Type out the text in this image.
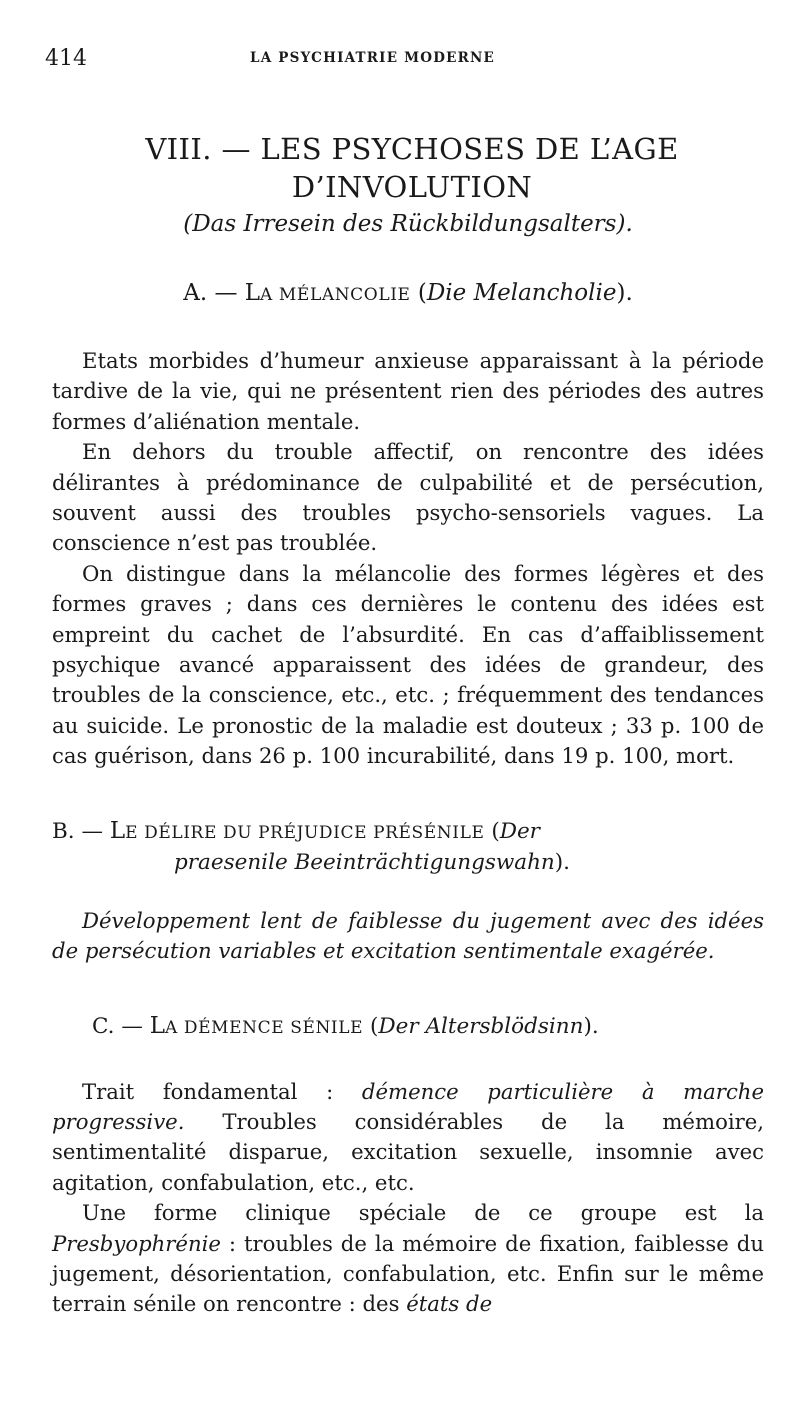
414	LA PSYCHIATRIE MODERNE
VIII. — LES PSYCHOSES DE L’AGE
D’INVOLUTION
(Das Irresein des Rückbildungsalters).
A. — LA MÉLANCOLIE (Die Melancholie).

Etats morbides d’humeur anxieuse apparaissant à la période tardive de la vie, qui ne présentent rien des périodes des autres formes d’aliénation mentale.

En dehors du trouble affectif, on rencontre des idées délirantes à prédominance de culpabilité et de persécution, souvent aussi des troubles psycho-sensoriels vagues. La conscience n’est pas troublée.

On distingue dans la mélancolie des formes légères et des formes graves ; dans ces dernières le contenu des idées est empreint du cachet de l’absurdité. En cas d’affaiblissement psychique avancé apparaissent des idées de grandeur, des troubles de la conscience, etc., etc. ; fréquemment des tendances au suicide. Le pronostic de la maladie est douteux ; 33 p. 100 de cas guérison, dans 26 p. 100 incurabilité, dans 19 p. 100, mort.

B. — LE DÉLIRE DU PRÉJUDICE PRÉSÉNILE (Der
praesenile Beeinträchtigungswahn).

Développement lent de faiblesse du jugement avec des idées de persécution variables et excitation sentimentale exagérée.

C. — LA DÉMENCE SÉNILE (Der Altersblödsinn).

Trait fondamental : démence particulière à marche progressive. Troubles considérables de la mémoire, sentimentalité disparue, excitation sexuelle, insomnie avec agitation, confabulation, etc., etc.

Une forme clinique spéciale de ce groupe est la Presbyophrénie : troubles de la mémoire de fixation, faiblesse du jugement, désorientation, confabulation, etc. Enfin sur le même terrain sénile on rencontre : des états de
